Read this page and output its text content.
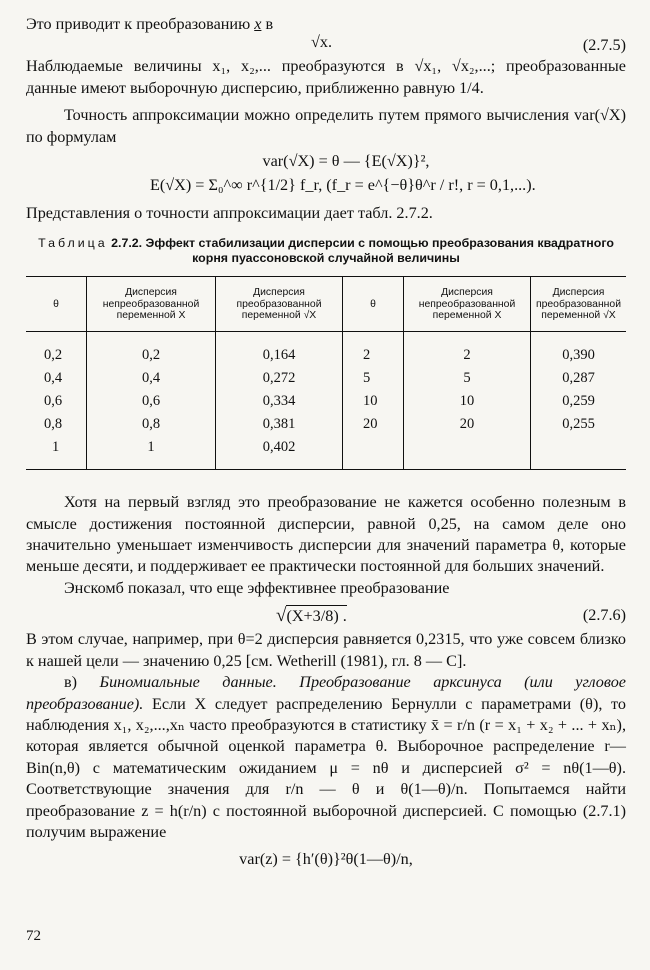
Это приводит к преобразованию x в

√x.	(2.7.5)

Наблюдаемые величины x₁, x₂,... преобразуются в √x₁, √x₂,...; преобразованные данные имеют выборочную дисперсию, приближенно равную 1/4.

Точность аппроксимации можно определить путем прямого вычисления var(√X) по формулам

var(√X) = θ — {E(√X)}²,
E(√X) = Σ₀^∞ r^{1/2} f_r, (f_r = e^{−θ}θ^r / r!, r = 0,1,...).

Представления о точности аппроксимации дает табл. 2.7.2.

Таблица 2.7.2. Эффект стабилизации дисперсии с помощью преобразования квадратного корня пуассоновской случайной величины
θ	Дисперсия непреобразованной переменной X	Дисперсия преобразованной переменной √X	θ	Дисперсия непреобразованной переменной X	Дисперсия преобразованной переменной √X
0,2	0,2	0,164	2	2	0,390
0,4	0,4	0,272	5	5	0,287
0,6	0,6	0,334	10	10	0,259
0,8	0,8	0,381	20	20	0,255
1	1	0,402			

Хотя на первый взгляд это преобразование не кажется особенно полезным в смысле достижения постоянной дисперсии, равной 0,25, на самом деле оно значительно уменьшает изменчивость дисперсии для значений параметра θ, которые меньше десяти, и поддерживает ее практически постоянной для больших значений.

Энскомб показал, что еще эффективнее преобразование

√(X+3/8) .	(2.7.6)

В этом случае, например, при θ=2 дисперсия равняется 0,2315, что уже совсем близко к нашей цели — значению 0,25 [см. Wetherill (1981), гл. 8 — C].

в) Биномиальные данные. Преобразование арксинуса (или угловое преобразование). Если X следует распределению Бернулли с параметрами (θ), то наблюдения x₁, x₂,...,xₙ часто преобразуются в статистику x̄ = r/n (r = x₁ + x₂ + ... + xₙ), которая является обычной оценкой параметра θ. Выборочное распределение r—Bin(n,θ) с математическим ожиданием μ = nθ и дисперсией σ² = nθ(1—θ). Соответствующие значения для r/n — θ и θ(1—θ)/n. Попытаемся найти преобразование z = h(r/n) с постоянной выборочной дисперсией. С помощью (2.7.1) получим выражение

var(z) = {h′(θ)}²θ(1—θ)/n,
72
